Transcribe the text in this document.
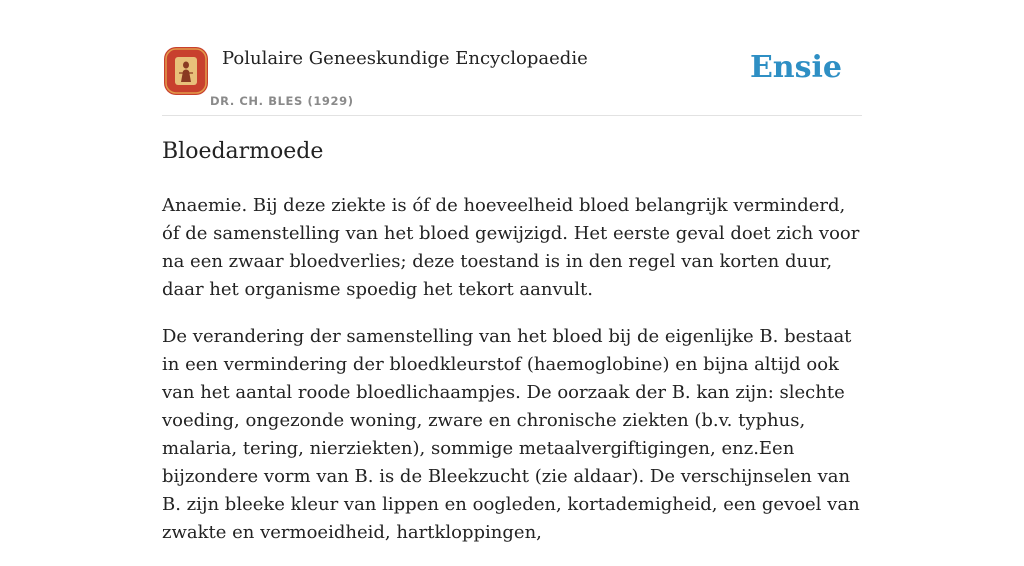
Polulaire Geneeskundige Encyclopaedie
DR. CH. BLES (1929)
Ensie
Bloedarmoede

Anaemie. Bij deze ziekte is óf de hoeveelheid bloed belangrijk verminderd, óf de samenstelling van het bloed gewijzigd. Het eerste geval doet zich voor na een zwaar bloedverlies; deze toestand is in den regel van korten duur, daar het organisme spoedig het tekort aanvult.

De verandering der samenstelling van het bloed bij de eigenlijke B. bestaat in een vermindering der bloedkleurstof (haemoglobine) en bijna altijd ook van het aantal roode bloedlichaampjes. De oorzaak der B. kan zijn: slechte voeding, ongezonde woning, zware en chronische ziekten (b.v. typhus, malaria, tering, nierziekten), sommige metaalvergiftigingen, enz.Een bijzondere vorm van B. is de Bleekzucht (zie aldaar). De verschijnselen van B. zijn bleeke kleur van lippen en oogleden, kortademigheid, een gevoel van zwakte en vermoeidheid, hartkloppingen,
